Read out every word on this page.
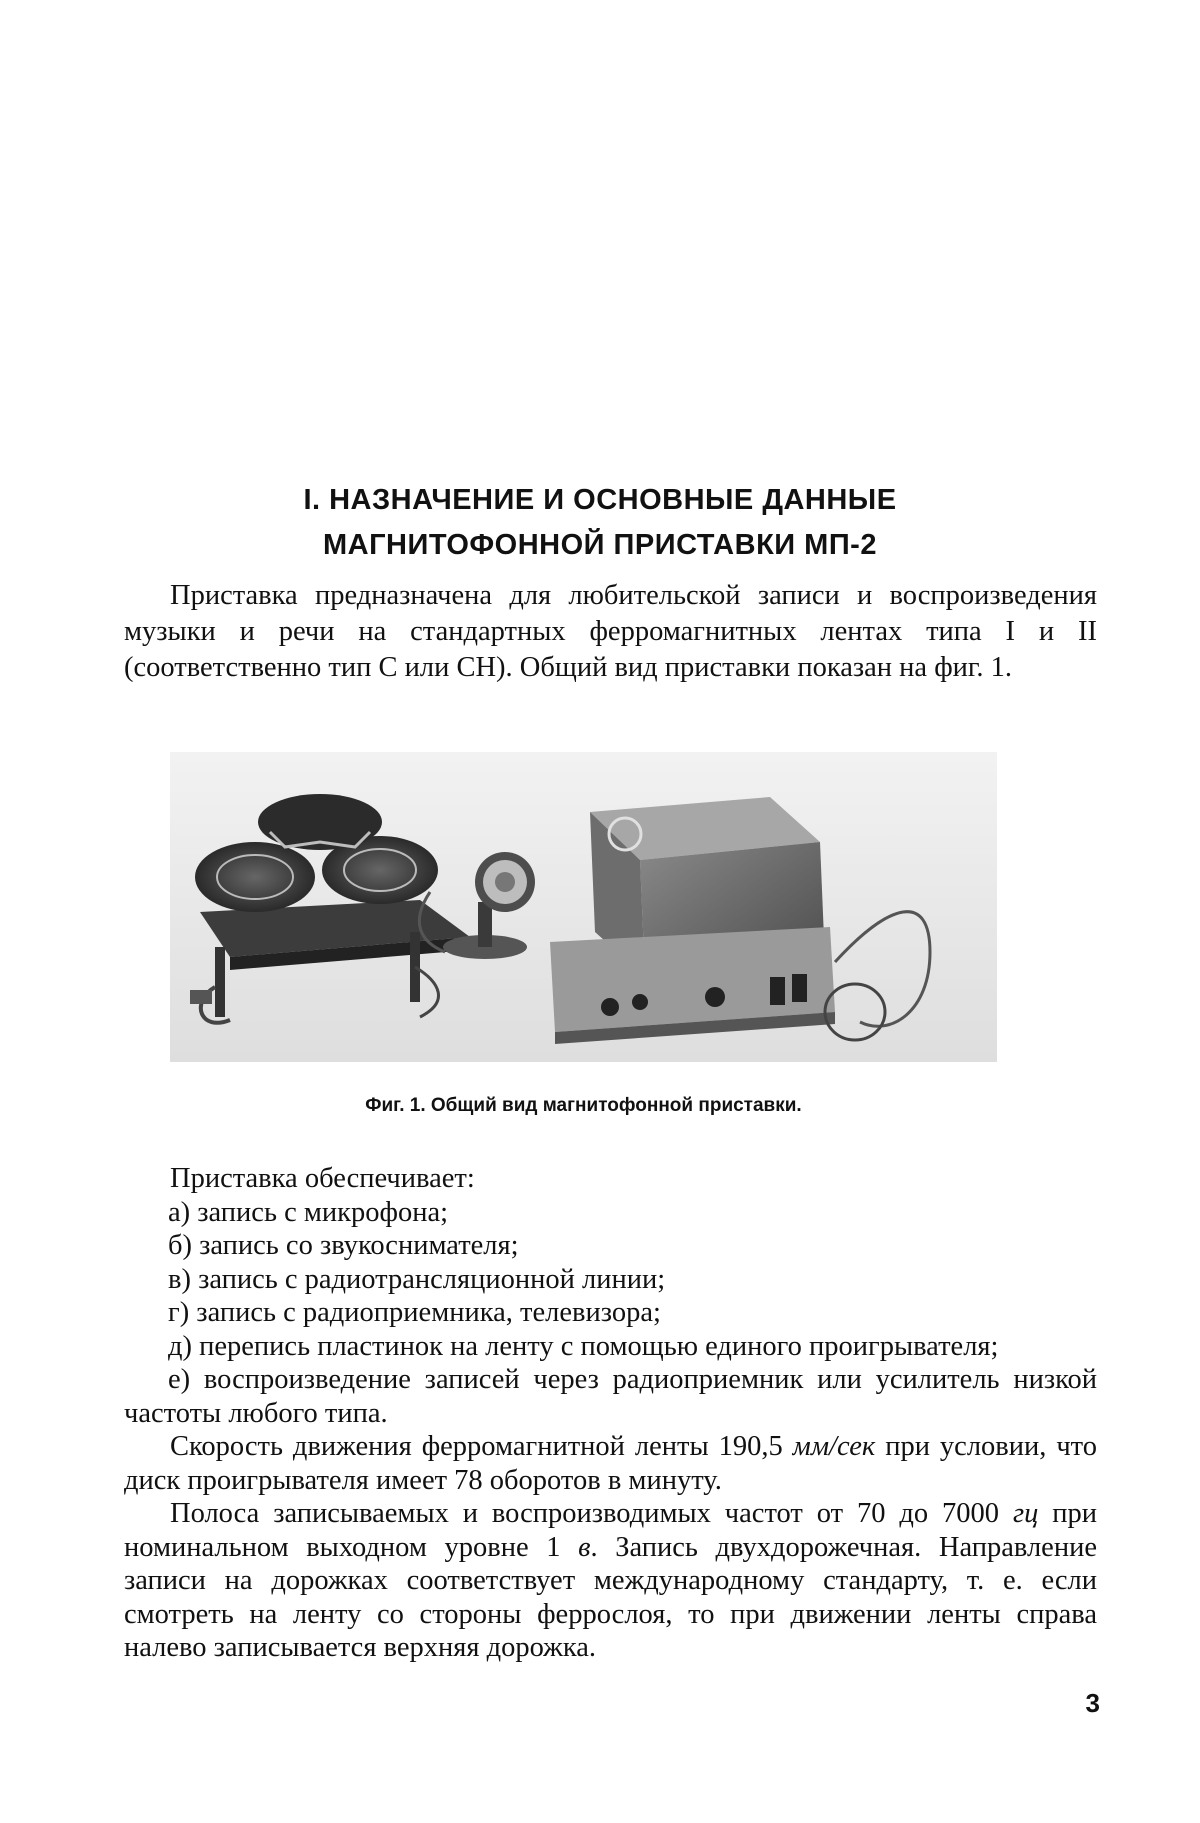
I. НАЗНАЧЕНИЕ И ОСНОВНЫЕ ДАННЫЕ
МАГНИТОФОННОЙ ПРИСТАВКИ МП-2

Приставка предназначена для любительской записи и воспроизведения музыки и речи на стандартных ферромагнитных лентах типа I и II (соответственно тип С или СН). Общий вид приставки показан на фиг. 1.

Фиг. 1. Общий вид магнитофонной приставки.

Приставка обеспечивает:

а) запись с микрофона;

б) запись со звукоснимателя;

в) запись с радиотрансляционной линии;

г) запись с радиоприемника, телевизора;

д) перепись пластинок на ленту с помощью единого проигрывателя;

е) воспроизведение записей через радиоприемник или усилитель низкой частоты любого типа.

Скорость движения ферромагнитной ленты 190,5 мм/сек при условии, что диск проигрывателя имеет 78 оборотов в минуту.

Полоса записываемых и воспроизводимых частот от 70 до 7000 гц при номинальном выходном уровне 1 в. Запись двухдорожечная. Направление записи на дорожках соответствует международному стандарту, т. е. если смотреть на ленту со стороны феррослоя, то при движении ленты справа налево записывается верхняя дорожка.

3
